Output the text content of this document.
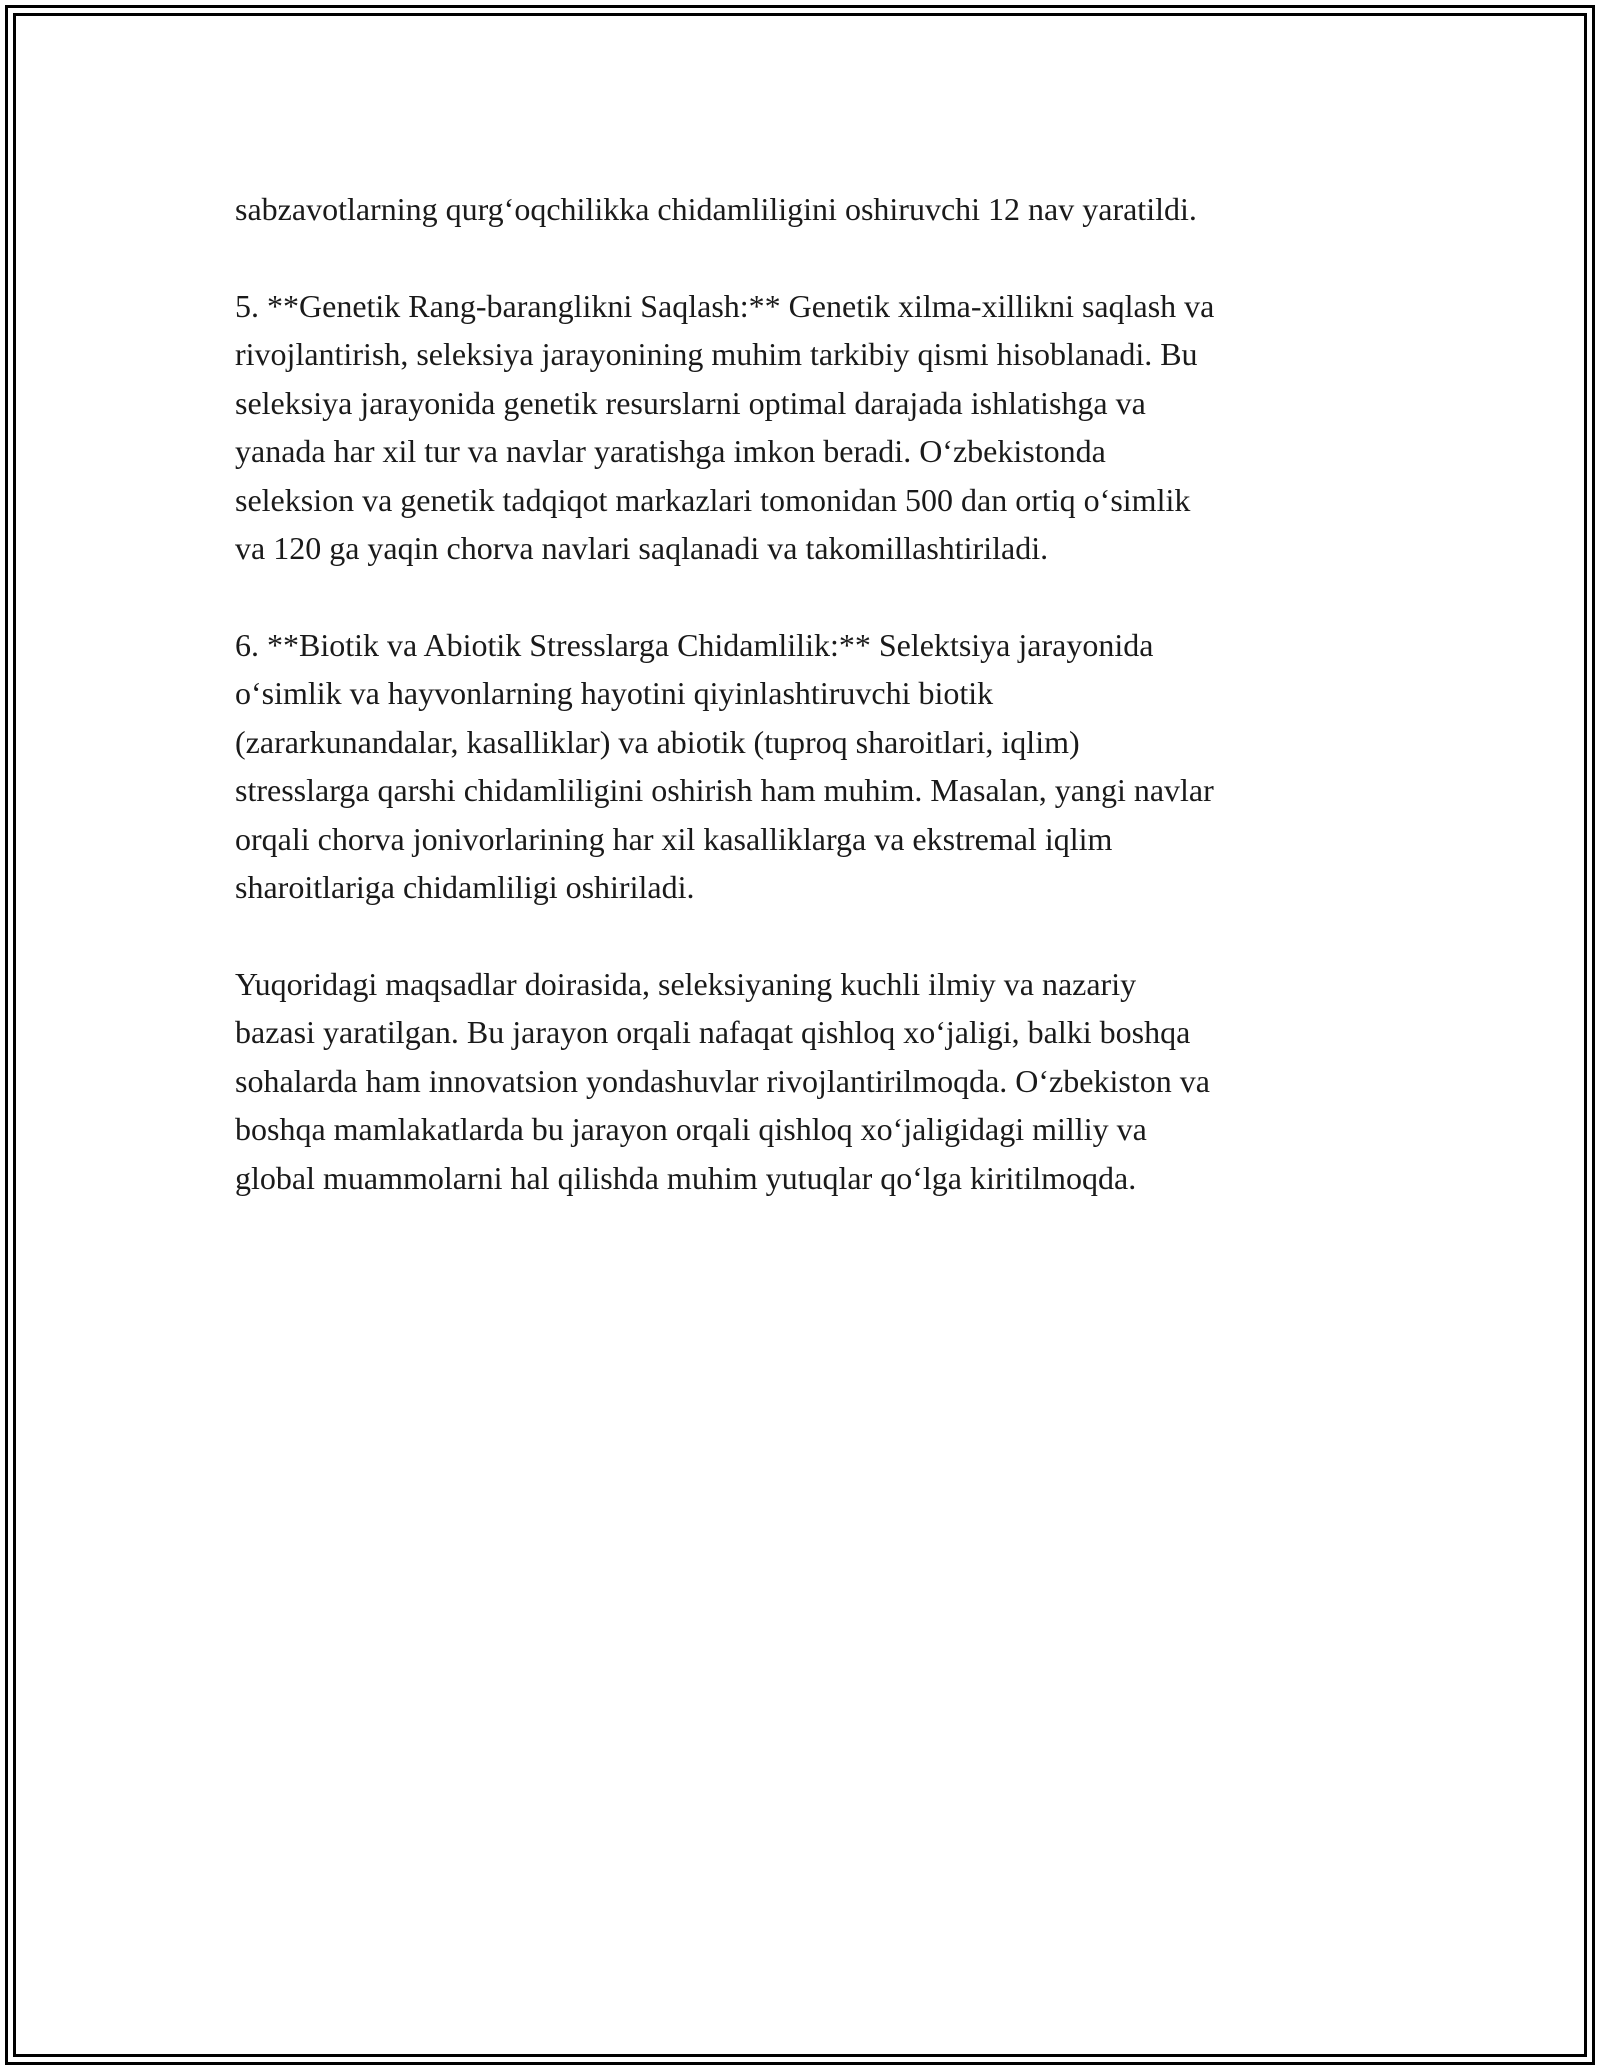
sabzavotlarning qurg‘oqchilikka chidamliligini oshiruvchi 12 nav yaratildi.

5. **Genetik Rang-baranglikni Saqlash:** Genetik xilma-xillikni saqlash va
rivojlantirish, seleksiya jarayonining muhim tarkibiy qismi hisoblanadi. Bu
seleksiya jarayonida genetik resurslarni optimal darajada ishlatishga va
yanada har xil tur va navlar yaratishga imkon beradi. O‘zbekistonda
seleksion va genetik tadqiqot markazlari tomonidan 500 dan ortiq o‘simlik
va 120 ga yaqin chorva navlari saqlanadi va takomillashtiriladi.

6. **Biotik va Abiotik Stresslarga Chidamlilik:** Selektsiya jarayonida
o‘simlik va hayvonlarning hayotini qiyinlashtiruvchi biotik
(zararkunandalar, kasalliklar) va abiotik (tuproq sharoitlari, iqlim)
stresslarga qarshi chidamliligini oshirish ham muhim. Masalan, yangi navlar
orqali chorva jonivorlarining har xil kasalliklarga va ekstremal iqlim
sharoitlariga chidamliligi oshiriladi.

Yuqoridagi maqsadlar doirasida, seleksiyaning kuchli ilmiy va nazariy
bazasi yaratilgan. Bu jarayon orqali nafaqat qishloq xo‘jaligi, balki boshqa
sohalarda ham innovatsion yondashuvlar rivojlantirilmoqda. O‘zbekiston va
boshqa mamlakatlarda bu jarayon orqali qishloq xo‘jaligidagi milliy va
global muammolarni hal qilishda muhim yutuqlar qo‘lga kiritilmoqda.
